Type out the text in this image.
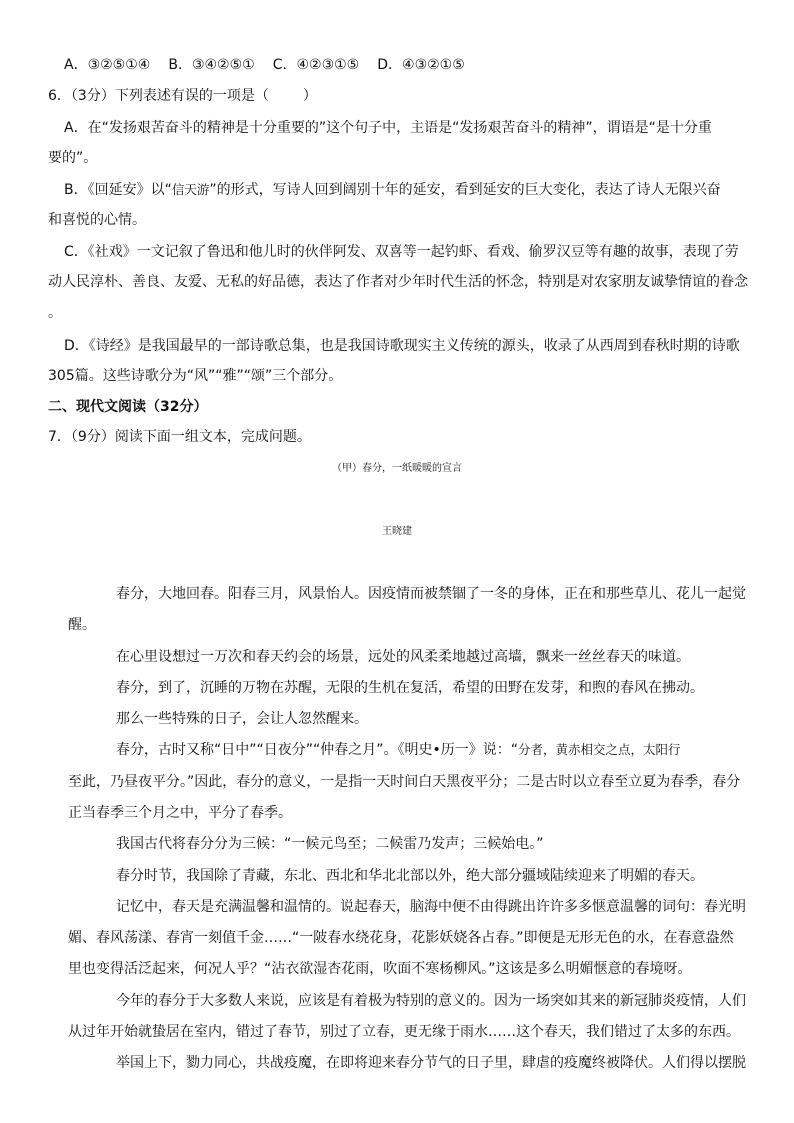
A．③②⑤①④ B．③④②⑤① C．④②③①⑤ D．④③②①⑤
6．（3分）下列表述有误的一项是（ ）
A．在“发扬艰苦奋斗的精神是十分重要的”这个句子中，主语是“发扬艰苦奋斗的精神”，谓语是“是十分重
要的”。
B．《回延安》以“信天游”的形式，写诗人回到阔别十年的延安，看到延安的巨大变化，表达了诗人无限兴奋
和喜悦的心情。
C．《社戏》一文记叙了鲁迅和他儿时的伙伴阿发、双喜等一起钓虾、看戏、偷罗汉豆等有趣的故事，表现了劳
动人民淳朴、善良、友爱、无私的好品德，表达了作者对少年时代生活的怀念，特别是对农家朋友诚挚情谊的眷念
。
D．《诗经》是我国最早的一部诗歌总集，也是我国诗歌现实主义传统的源头，收录了从西周到春秋时期的诗歌
305篇。这些诗歌分为“风”“雅”“颂”三个部分。
二、现代文阅读（32分）
7．（9分）阅读下面一组文本，完成问题。
（甲）春分，一纸暖暖的宣言
王晓建
春分，大地回春。阳春三月，风景怡人。因疫情而被禁锢了一冬的身体，正在和那些草儿、花儿一起觉
醒。
在心里设想过一万次和春天约会的场景，远处的风柔柔地越过高墙，飘来一丝丝春天的味道。
春分，到了，沉睡的万物在苏醒，无限的生机在复活，希望的田野在发芽，和煦的春风在拂动。
那么一些特殊的日子，会让人忽然醒来。
春分，古时又称“日中”“日夜分”“仲春之月”。《明史•历一》说：“分者，黄赤相交之点，太阳行
至此，乃昼夜平分。”因此，春分的意义，一是指一天时间白天黑夜平分；二是古时以立春至立夏为春季，春分
正当春季三个月之中，平分了春季。
我国古代将春分分为三候：“一候元鸟至；二候雷乃发声；三候始电。”
春分时节，我国除了青藏，东北、西北和华北北部以外，绝大部分疆域陆续迎来了明媚的春天。
记忆中，春天是充满温馨和温情的。说起春天，脑海中便不由得跳出许许多多惬意温馨的词句：春光明
媚、春风荡漾、春宵一刻值千金……“一陂春水绕花身，花影妖娆各占春。”即便是无形无色的水，在春意盎然
里也变得活泛起来，何况人乎？“沾衣欲湿杏花雨，吹面不寒杨柳风。”这该是多么明媚惬意的春境呀。
今年的春分于大多数人来说，应该是有着极为特别的意义的。因为一场突如其来的新冠肺炎疫情，人们
从过年开始就蛰居在室内，错过了春节，别过了立春，更无缘于雨水……这个春天，我们错过了太多的东西。
举国上下，勠力同心，共战疫魔，在即将迎来春分节气的日子里，肆虐的疫魔终被降伏。人们得以摆脱
